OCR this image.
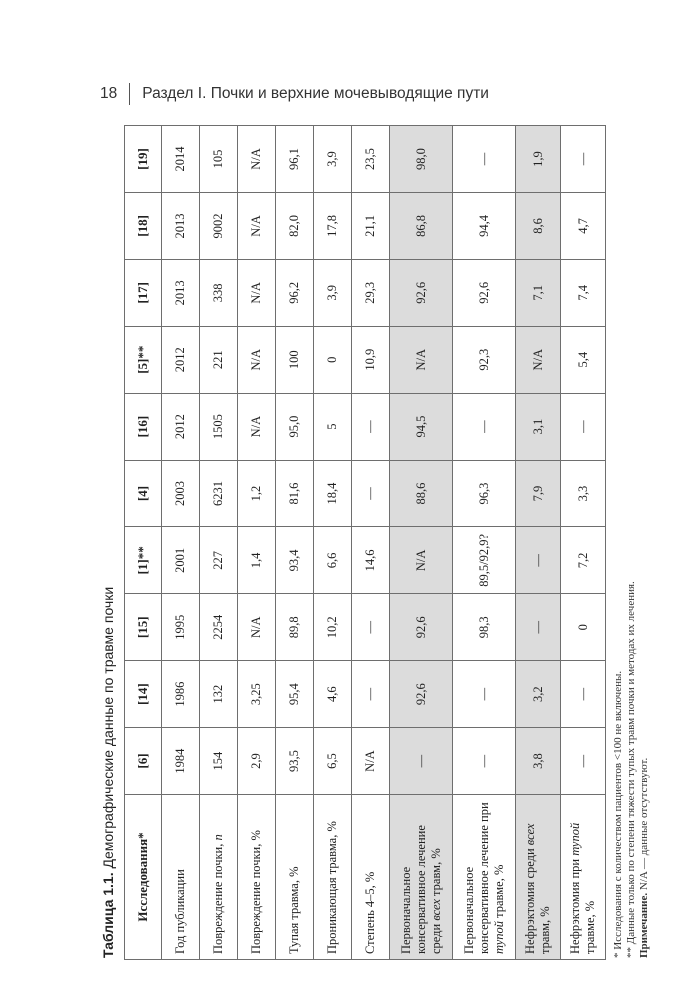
18 Раздел I. Почки и верхние мочевыводящие пути
Таблица 1.1. Демографические данные по травме почки
Исследования*	[6]	[14]	[15]	[1]**	[4]	[16]	[5]**	[17]	[18]	[19]
Год публикации	1984	1986	1995	2001	2003	2012	2012	2013	2013	2014
Повреждение почки, n	154	132	2254	227	6231	1505	221	338	9002	105
Повреждение почки, %	2,9	3,25	N/A	1,4	1,2	N/A	N/A	N/A	N/A	N/A
Тупая травма, %	93,5	95,4	89,8	93,4	81,6	95,0	100	96,2	82,0	96,1
Проникающая травма, %	6,5	4,6	10,2	6,6	18,4	5	0	3,9	17,8	3,9
Степень 4–5, %	N/A	—	—	14,6	—	—	10,9	29,3	21,1	23,5
Первоначальное консервативное лечение среди всех травм, %	—	92,6	92,6	N/A	88,6	94,5	N/A	92,6	86,8	98,0
Первоначальное консервативное лечение при тупой травме, %	—	—	98,3	89,5/92,9?	96,3	—	92,3	92,6	94,4	—
Нефрэктомия среди всех травм, %	3,8	3,2	—	—	7,9	3,1	N/A	7,1	8,6	1,9
Нефрэктомия при тупой травме, %	—	—	0	7,2	3,3	—	5,4	7,4	4,7	—
* Исследования с количеством пациентов <100 не включены. ** Данные только по степени тяжести тупых травм почки и методах их лечения. Примечание. N/A — данные отсутствуют.
